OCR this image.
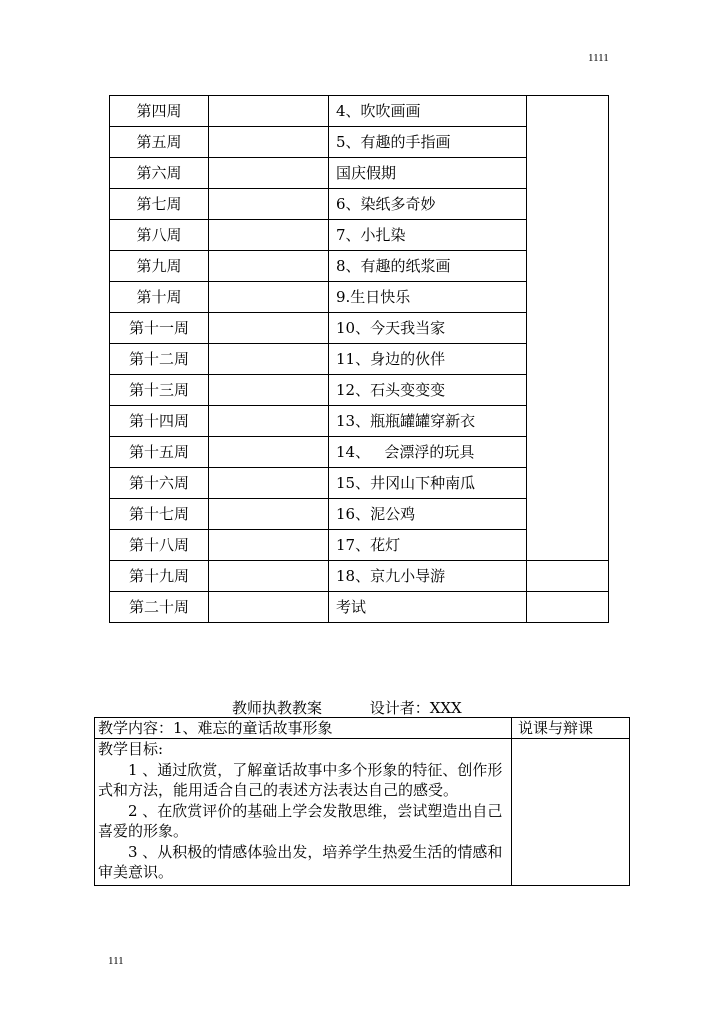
1111
第四周		4、吹吹画画	
第五周		5、有趣的手指画	
第六周		国庆假期	
第七周		6、染纸多奇妙	
第八周		7、小扎染	
第九周		8、有趣的纸浆画	
第十周		9.生日快乐	
第十一周		10、今天我当家	
第十二周		11、身边的伙伴	
第十三周		12、石头变变变	
第十四周		13、瓶瓶罐罐穿新衣	
第十五周		14、   会漂浮的玩具	
第十六周		15、井冈山下种南瓜	
第十七周		16、泥公鸡	
第十八周		17、花灯	
第十九周		18、京九小导游	
第二十周		考试	
教师执教教案	设计者：XXX
教学内容：1、难忘的童话故事形象	说课与辩课

教学目标:

1 、通过欣赏，了解童话故事中多个形象的特征、创作形式和方法，能用适合自己的表述方法表达自己的感受。

2 、在欣赏评价的基础上学会发散思维，尝试塑造出自己喜爱的形象。

3 、从积极的情感体验出发，培养学生热爱生活的情感和审美意识。	

111
